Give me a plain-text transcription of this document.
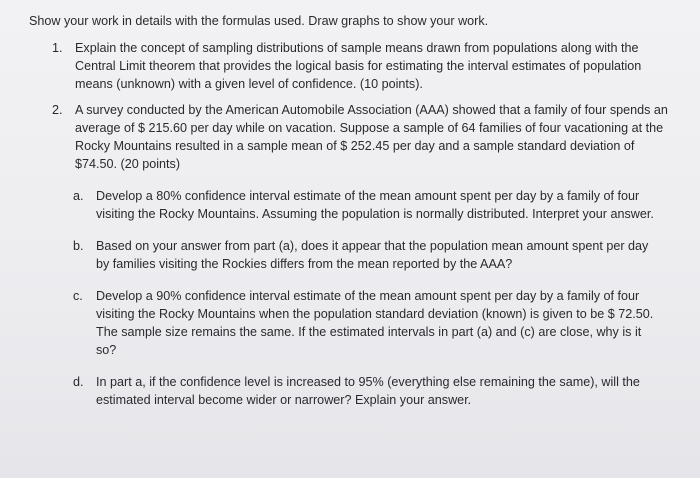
Show your work in details with the formulas used. Draw graphs to show your work.

1. Explain the concept of sampling distributions of sample means drawn from populations along with the Central Limit theorem that provides the logical basis for estimating the interval estimates of population means (unknown) with a given level of confidence. (10 points).

2. A survey conducted by the American Automobile Association (AAA) showed that a family of four spends an average of $ 215.60 per day while on vacation. Suppose a sample of 64 families of four vacationing at the Rocky Mountains resulted in a sample mean of $ 252.45 per day and a sample standard deviation of $74.50. (20 points)

a. Develop a 80% confidence interval estimate of the mean amount spent per day by a family of four visiting the Rocky Mountains. Assuming the population is normally distributed. Interpret your answer.

b. Based on your answer from part (a), does it appear that the population mean amount spent per day by families visiting the Rockies differs from the mean reported by the AAA?

c. Develop a 90% confidence interval estimate of the mean amount spent per day by a family of four visiting the Rocky Mountains when the population standard deviation (known) is given to be $ 72.50. The sample size remains the same. If the estimated intervals in part (a) and (c) are close, why is it so?

d. In part a, if the confidence level is increased to 95% (everything else remaining the same), will the estimated interval become wider or narrower? Explain your answer.
